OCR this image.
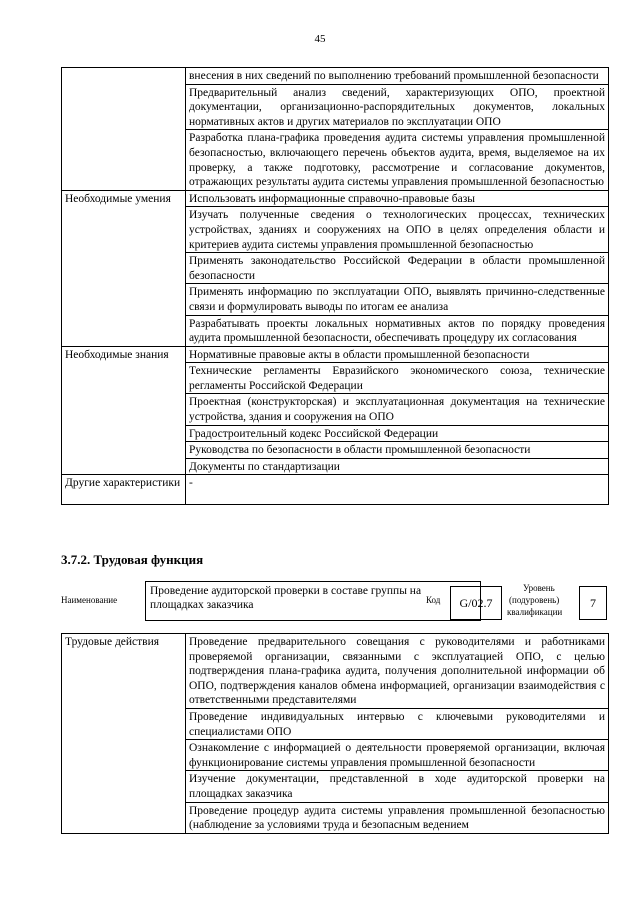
45
	внесения в них сведений по выполнению требований промышленной безопасности
	Предварительный анализ сведений, характеризующих ОПО, проектной документации, организационно-распорядительных документов, локальных нормативных актов и других материалов по эксплуатации ОПО
	Разработка плана-графика проведения аудита системы управления промышленной безопасностью, включающего перечень объектов аудита, время, выделяемое на их проверку, а также подготовку, рассмотрение и согласование документов, отражающих результаты аудита системы управления промышленной безопасностью
Необходимые умения	Использовать информационные справочно-правовые базы
	Изучать полученные сведения о технологических процессах, технических устройствах, зданиях и сооружениях на ОПО в целях определения области и критериев аудита системы управления промышленной безопасностью
	Применять законодательство Российской Федерации в области промышленной безопасности
	Применять информацию по эксплуатации ОПО, выявлять причинно-следственные связи и формулировать выводы по итогам ее анализа
	Разрабатывать проекты локальных нормативных актов по порядку проведения аудита промышленной безопасности, обеспечивать процедуру их согласования
Необходимые знания	Нормативные правовые акты в области промышленной безопасности
	Технические регламенты Евразийского экономического союза, технические регламенты Российской Федерации
	Проектная (конструкторская) и эксплуатационная документация на технические устройства, здания и сооружения на ОПО
	Градостроительный кодекс Российской Федерации
	Руководства по безопасности в области промышленной безопасности
	Документы по стандартизации
Другие характеристики	-
3.7.2. Трудовая функция
Наименование
Проведение аудиторской проверки в составе группы на площадках заказчика	Код	G/02.7
Уровень
(подуровень)
квалификации
7
Трудовые действия	Проведение предварительного совещания с руководителями и работниками проверяемой организации, связанными с эксплуатацией ОПО, с целью подтверждения плана-графика аудита, получения дополнительной информации об ОПО, подтверждения каналов обмена информацией, организации взаимодействия с ответственными представителями
Проведение индивидуальных интервью с ключевыми руководителями и специалистами ОПО
Ознакомление с информацией о деятельности проверяемой организации, включая функционирование системы управления промышленной безопасности
Изучение документации, представленной в ходе аудиторской проверки на площадках заказчика
Проведение процедур аудита системы управления промышленной безопасностью (наблюдение за условиями труда и безопасным ведением
